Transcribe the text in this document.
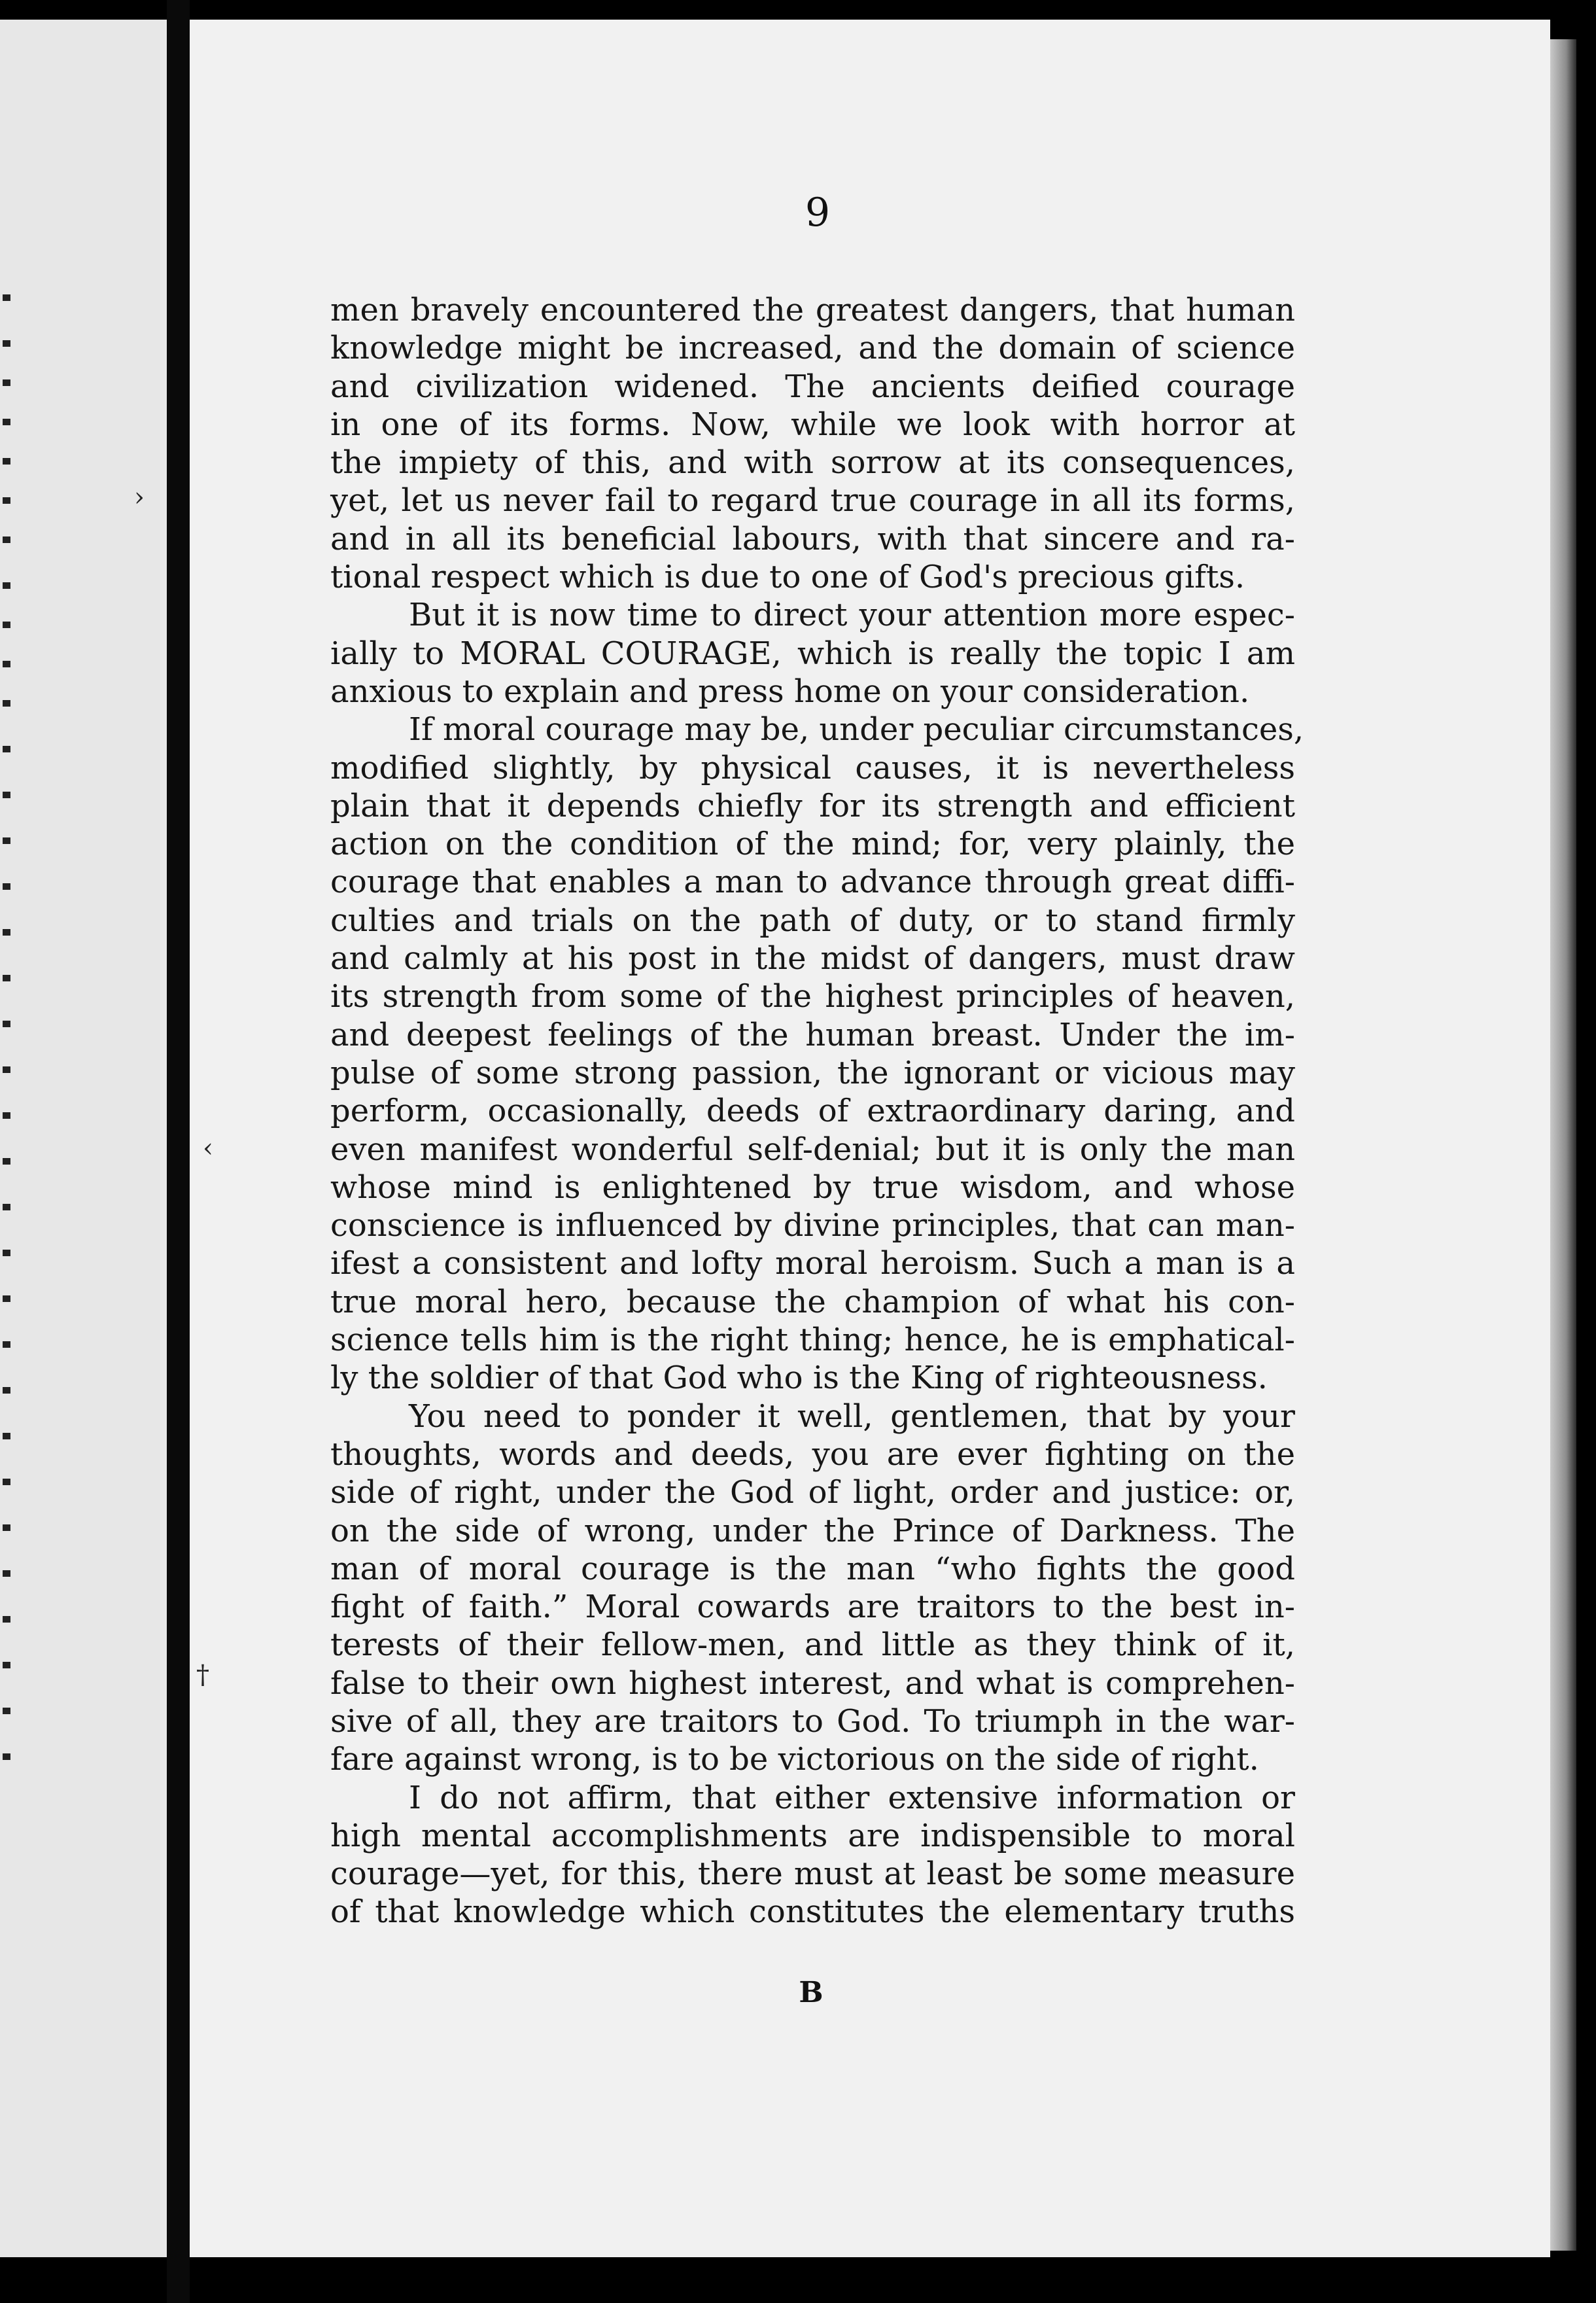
›
‹
†
9
men bravely encountered the greatest dangers, that human
knowledge might be increased, and the domain of science
and civilization widened. The ancients deified courage
in one of its forms. Now, while we look with horror at
the impiety of this, and with sorrow at its consequences,
yet, let us never fail to regard true courage in all its forms,
and in all its beneficial labours, with that sincere and ra-
tional respect which is due to one of God's precious gifts.
But it is now time to direct your attention more espec-
ially to MORAL COURAGE, which is really the topic I am
anxious to explain and press home on your consideration.
If moral courage may be, under peculiar circumstances,
modified slightly, by physical causes, it is nevertheless
plain that it depends chiefly for its strength and efficient
action on the condition of the mind; for, very plainly, the
courage that enables a man to advance through great diffi-
culties and trials on the path of duty, or to stand firmly
and calmly at his post in the midst of dangers, must draw
its strength from some of the highest principles of heaven,
and deepest feelings of the human breast. Under the im-
pulse of some strong passion, the ignorant or vicious may
perform, occasionally, deeds of extraordinary daring, and
even manifest wonderful self-denial; but it is only the man
whose mind is enlightened by true wisdom, and whose
conscience is influenced by divine principles, that can man-
ifest a consistent and lofty moral heroism. Such a man is a
true moral hero, because the champion of what his con-
science tells him is the right thing; hence, he is emphatical-
ly the soldier of that God who is the King of righteousness.
You need to ponder it well, gentlemen, that by your
thoughts, words and deeds, you are ever fighting on the
side of right, under the God of light, order and justice: or,
on the side of wrong, under the Prince of Darkness. The
man of moral courage is the man “who fights the good
fight of faith.” Moral cowards are traitors to the best in-
terests of their fellow-men, and little as they think of it,
false to their own highest interest, and what is comprehen-
sive of all, they are traitors to God. To triumph in the war-
fare against wrong, is to be victorious on the side of right.
I do not affirm, that either extensive information or
high mental accomplishments are indispensible to moral
courage—yet, for this, there must at least be some measure
of that knowledge which constitutes the elementary truths
B
